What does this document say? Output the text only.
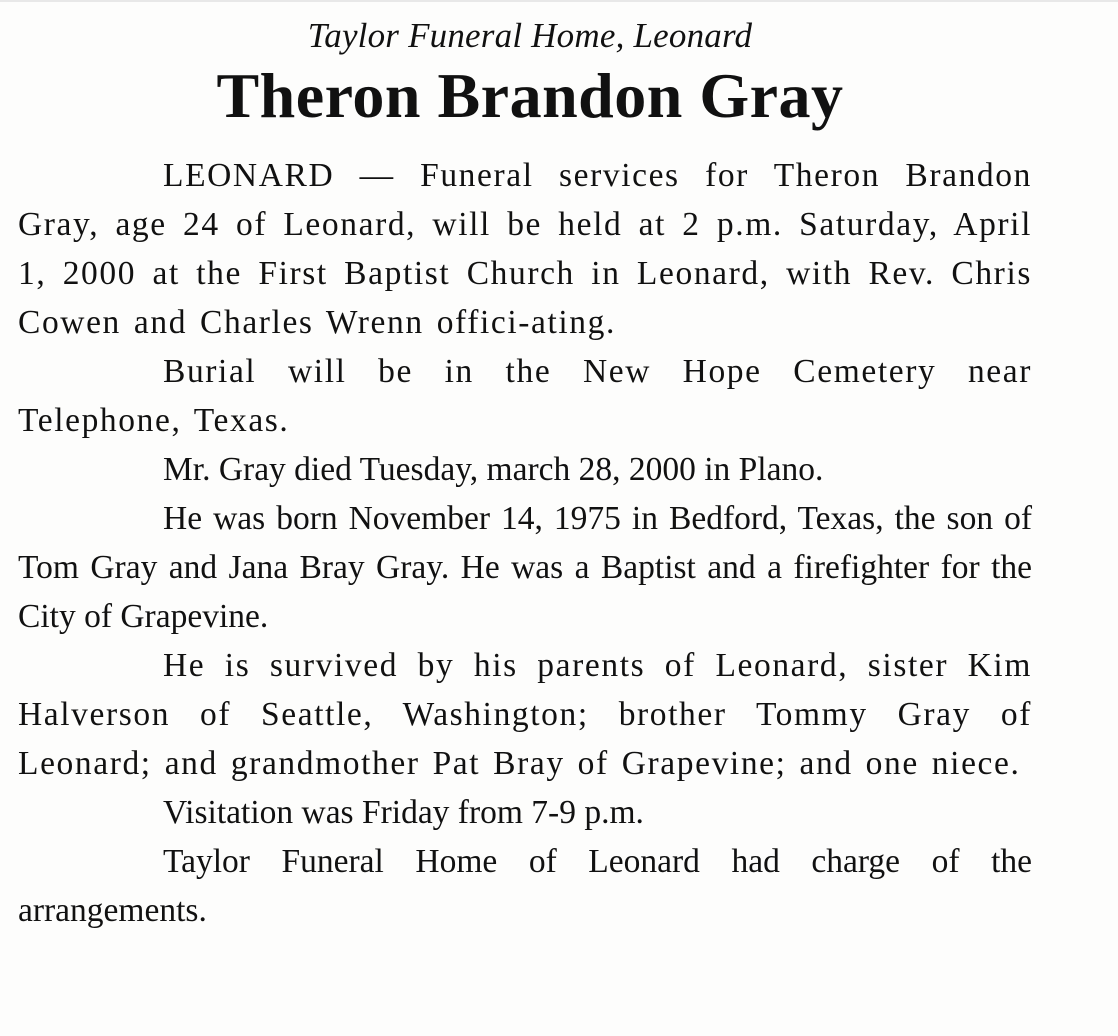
Taylor Funeral Home, Leonard
Theron Brandon Gray

LEONARD — Funeral services for Theron Brandon Gray, age 24 of Leonard, will be held at 2 p.m. Saturday, April 1, 2000 at the First Baptist Church in Leonard, with Rev. Chris Cowen and Charles Wrenn offici-ating.

Burial will be in the New Hope Cemetery near Telephone, Texas.

Mr. Gray died Tuesday, march 28, 2000 in Plano.

He was born November 14, 1975 in Bedford, Texas, the son of Tom Gray and Jana Bray Gray. He was a Baptist and a firefighter for the City of Grapevine.

He is survived by his parents of Leonard, sister Kim Halverson of Seattle, Washington; brother Tommy Gray of Leonard; and grandmother Pat Bray of Grapevine; and one niece.

Visitation was Friday from 7-9 p.m.

Taylor Funeral Home of Leonard had charge of the arrangements.
